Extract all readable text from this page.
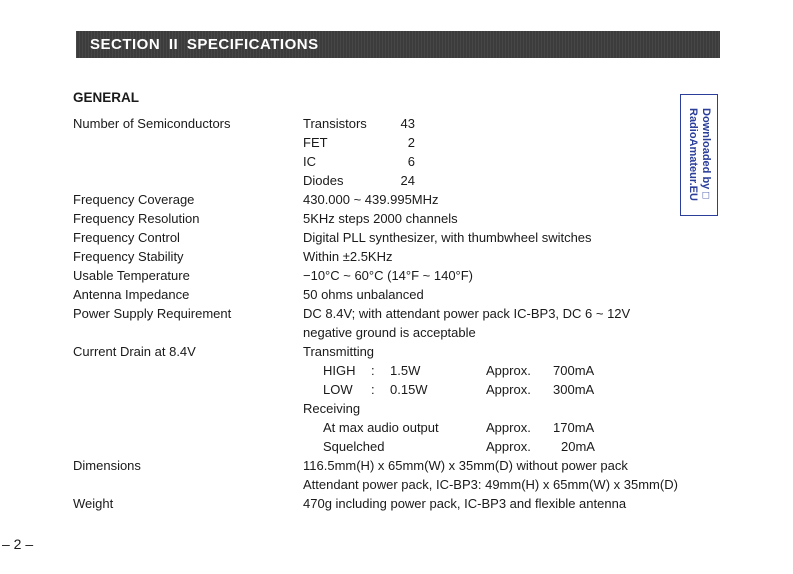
SECTION II SPECIFICATIONS
GENERAL
Number of Semiconductors	Transistors	43
FET	2
IC	6
Diodes	24
Frequency Coverage	430.000 ~ 439.995MHz
Frequency Resolution	5KHz steps 2000 channels
Frequency Control	Digital PLL synthesizer, with thumbwheel switches
Frequency Stability	Within ±2.5KHz
Usable Temperature	−10°C ~ 60°C (14°F ~ 140°F)
Antenna Impedance	50 ohms unbalanced
Power Supply Requirement	DC 8.4V; with attendant power pack IC-BP3, DC 6 ~ 12V
negative ground is acceptable
Current Drain at 8.4V	Transmitting
HIGH : 1.5W	Approx. 700mA
LOW : 0.15W	Approx. 300mA
Receiving
At max audio output	Approx. 170mA
Squelched	Approx. 20mA
Dimensions	116.5mm(H) x 65mm(W) x 35mm(D) without power pack
Attendant power pack, IC-BP3: 49mm(H) x 65mm(W) x 35mm(D)
Weight	470g including power pack, IC-BP3 and flexible antenna
Downloaded by□
RadioAmateur.EU
– 2 –
